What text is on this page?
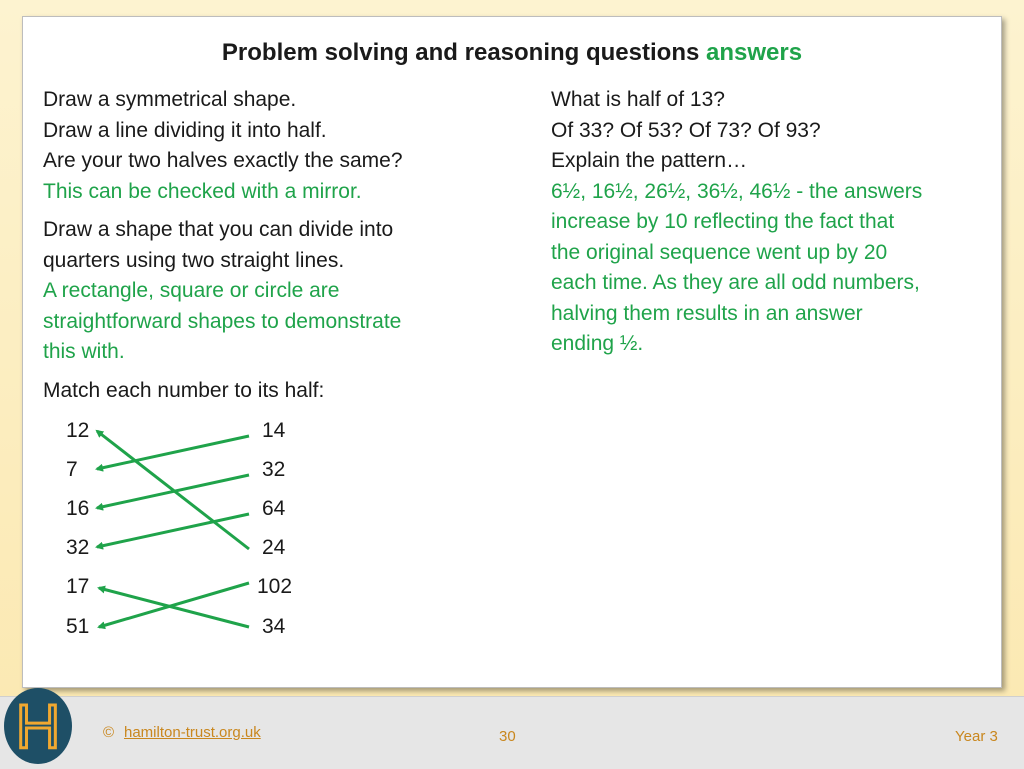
Problem solving and reasoning questions answers

Draw a symmetrical shape.

Draw a line dividing it into half.

Are your two halves exactly the same?

This can be checked with a mirror.

Draw a shape that you can divide into

quarters using two straight lines.

A rectangle, square or circle are

straightforward shapes to demonstrate

this with.

Match each number to its half:

12
7
16
32
17
51
14
32
64
24
102
34

What is half of 13?

Of 33? Of 53? Of 73? Of 93?

Explain the pattern…

6½, 16½, 26½, 36½, 46½ - the answers

increase by 10 reflecting the fact that

the original sequence went up by 20

each time. As they are all odd numbers,

halving them results in an answer

ending ½.

© hamilton-trust.org.uk	30	Year 3
H
